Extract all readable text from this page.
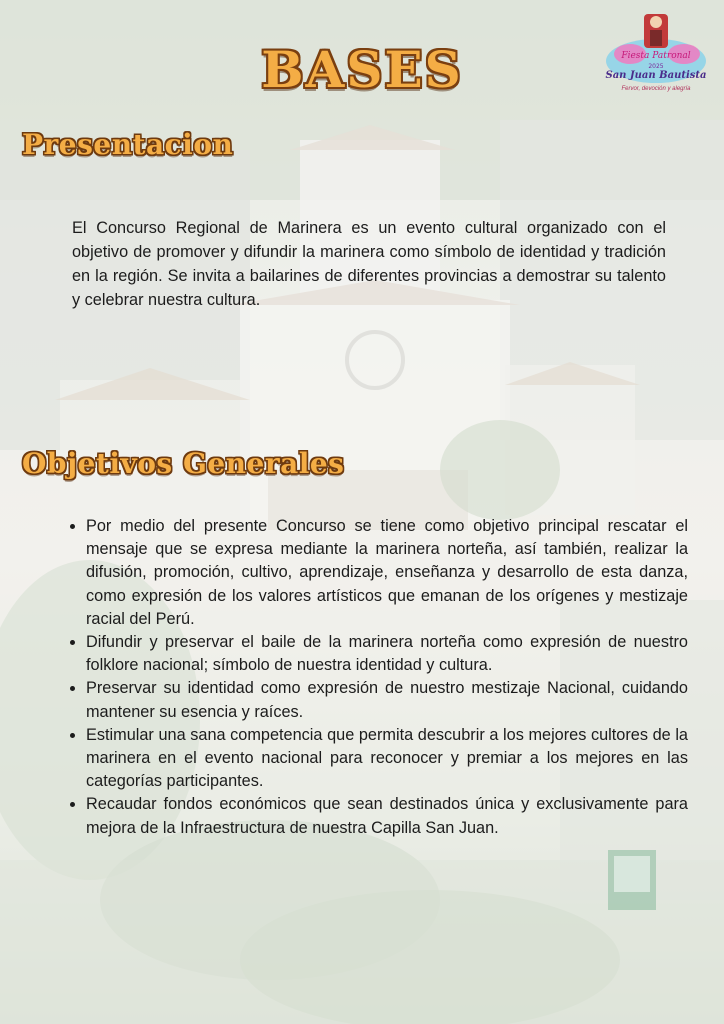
Fiesta Patronal
2025
San Juan Bautista
Fervor, devoción y alegría
BASES
Presentacion

El Concurso Regional de Marinera es un evento cultural organizado con el objetivo de promover y difundir la marinera como símbolo de identidad y tradición en la región. Se invita a bailarines de diferentes provincias a demostrar su talento y celebrar nuestra cultura.

Objetivos Generales
• Por medio del presente Concurso se tiene como objetivo principal rescatar el mensaje que se expresa mediante la marinera norteña, así también, realizar la difusión, promoción, cultivo, aprendizaje, enseñanza y desarrollo de esta danza, como expresión de los valores artísticos que emanan de los orígenes y mestizaje racial del Perú.
• Difundir y preservar el baile de la marinera norteña como expresión de nuestro folklore nacional; símbolo de nuestra identidad y cultura.
• Preservar su identidad como expresión de nuestro mestizaje Nacional, cuidando mantener su esencia y raíces.
• Estimular una sana competencia que permita descubrir a los mejores cultores de la marinera en el evento nacional para reconocer y premiar a los mejores en las categorías participantes.
• Recaudar fondos económicos que sean destinados única y exclusivamente para mejora de la Infraestructura de nuestra Capilla San Juan.
